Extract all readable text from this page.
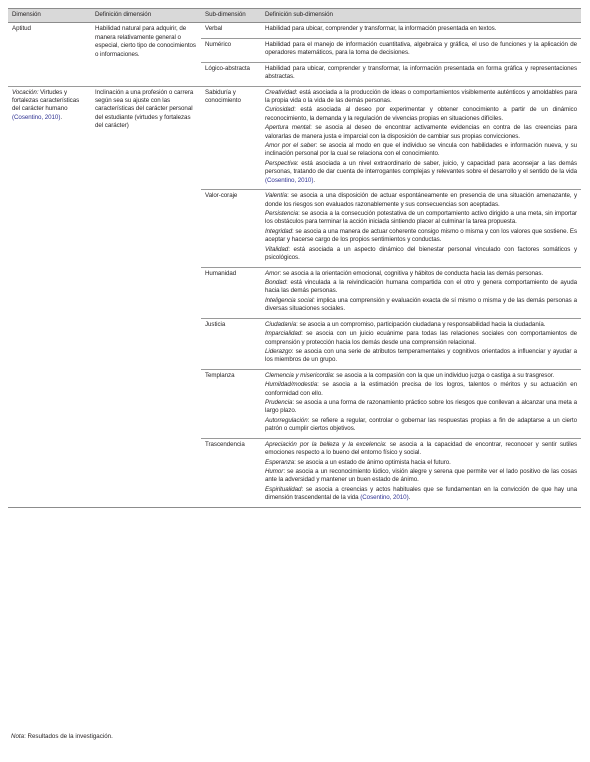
Dimensión	Definición dimensión	Sub-dimensión	Definición sub-dimensión
Aptitud	Habilidad natural para adquirir, de manera relativamente general o especial, cierto tipo de conocimientos o informaciones.	Verbal	Habilidad para ubicar, comprender y transformar, la información presentada en textos.

		Numérico	Habilidad para el manejo de información cuantitativa, algebraica y gráfica, el uso de funciones y la aplicación de operadores matemáticos, para la toma de decisiones.

		Lógico-abstracta	Habilidad para ubicar, comprender y transformar, la información presentada en forma gráfica y representaciones abstractas.

Vocación: Virtudes y fortalezas características del carácter humano (Cosentino, 2010).	Inclinación a una profesión o carrera según sea su ajuste con las características del carácter personal del estudiante (virtudes y fortalezas del carácter)	Sabiduría y conocimiento	Creatividad: está asociada a la producción de ideas o comportamientos visiblemente auténticos y amoldables para la propia vida o la vida de las demás personas.
Curiosidad: está asociada al deseo por experimentar y obtener conocimiento a partir de un dinámico reconocimiento, la demanda y la regulación de vivencias propias en situaciones difíciles.
Apertura mental: se asocia al deseo de encontrar activamente evidencias en contra de las creencias para valorarlas de manera justa e imparcial con la disposición de cambiar sus propias convicciones.
Amor por el saber: se asocia al modo en que el individuo se vincula con habilidades e información nueva, y su inclinación personal por la cual se relaciona con el conocimiento.
Perspectiva: está asociada a un nivel extraordinario de saber, juicio, y capacidad para aconsejar a las demás personas, tratando de dar cuenta de interrogantes complejas y relevantes sobre el desarrollo y el sentido de la vida (Cosentino, 2010).

		Valor-coraje	Valentía: se asocia a una disposición de actuar espontáneamente en presencia de una situación amenazante, y donde los riesgos son evaluados razonablemente y sus consecuencias son aceptadas.
Persistencia: se asocia a la consecución potestativa de un comportamiento activo dirigido a una meta, sin importar los obstáculos para terminar la acción iniciada sintiendo placer al culminar la tarea propuesta.
Integridad: se asocia a una manera de actuar coherente consigo mismo o misma y con los valores que sostiene. Es aceptar y hacerse cargo de los propios sentimientos y conductas.
Vitalidad: está asociada a un aspecto dinámico del bienestar personal vinculado con factores somáticos y psicológicos.

		Humanidad	Amor: se asocia a la orientación emocional, cognitiva y hábitos de conducta hacia las demás personas.
Bondad: está vinculada a la reivindicación humana compartida con el otro y genera comportamiento de ayuda hacia las demás personas.
Inteligencia social: implica una comprensión y evaluación exacta de sí mismo o misma y de las demás personas a diversas situaciones sociales.

		Justicia	Ciudadanía: se asocia a un compromiso, participación ciudadana y responsabilidad hacia la ciudadanía.
Imparcialidad: se asocia con un juicio ecuánime para todas las relaciones sociales con comportamientos de comprensión y protección hacia los demás desde una comprensión relacional.
Liderazgo: se asocia con una serie de atributos temperamentales y cognitivos orientados a influenciar y ayudar a los miembros de un grupo.

		Templanza	Clemencia y misericordia: se asocia a la compasión con la que un individuo juzga o castiga a su trasgresor.
Humildad/modestia: se asocia a la estimación precisa de los logros, talentos o méritos y su actuación en conformidad con ello.
Prudencia: se asocia a una forma de razonamiento práctico sobre los riesgos que conllevan a alcanzar una meta a largo plazo.
Autorregulación: se refiere a regular, controlar o gobernar las respuestas propias a fin de adaptarse a un cierto patrón o cumplir ciertos objetivos.

		Trascendencia	Apreciación por la belleza y la excelencia: se asocia a la capacidad de encontrar, reconocer y sentir sutiles emociones respecto a lo bueno del entorno físico y social.
Esperanza: se asocia a un estado de ánimo optimista hacia el futuro.
Humor: se asocia a un reconocimiento lúdico, visión alegre y serena que permite ver el lado positivo de las cosas ante la adversidad y mantener un buen estado de ánimo.
Espiritualidad: se asocia a creencias y actos habituales que se fundamentan en la convicción de que hay una dimensión trascendental de la vida (Cosentino, 2010).
Nota: Resultados de la investigación.
